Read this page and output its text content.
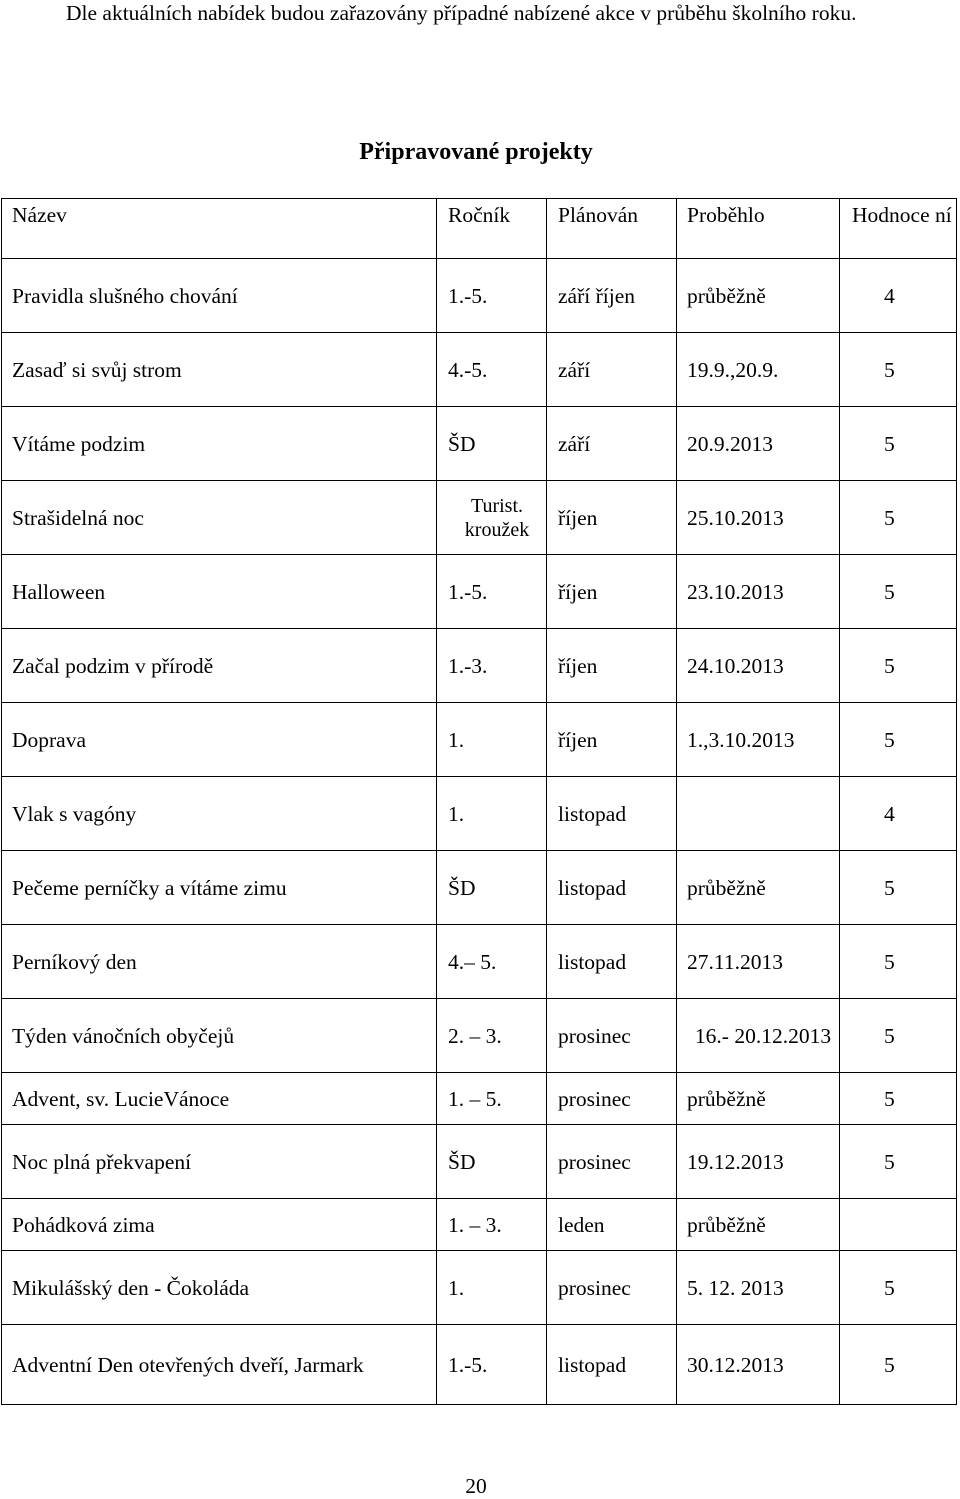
Dle aktuálních nabídek budou zařazovány případné nabízené akce v průběhu školního roku.

Připravované projekty
Název	Ročník	Plánován	Proběhlo	Hodnoce ní
Pravidla slušného chování	1.-5.	září říjen	průběžně	4
Zasaď si svůj strom	4.-5.	září	19.9.,20.9.	5
Vítáme podzim	ŠD	září	20.9.2013	5
Strašidelná noc	Turist. kroužek	říjen	25.10.2013	5
Halloween	1.-5.	říjen	23.10.2013	5
Začal podzim v přírodě	1.-3.	říjen	24.10.2013	5
Doprava	1.	říjen	1.,3.10.2013	5
Vlak s vagóny	1.	listopad		4
Pečeme perníčky a vítáme zimu	ŠD	listopad	průběžně	5
Perníkový den	4.– 5.	listopad	27.11.2013	5
Týden vánočních obyčejů	2. – 3.	prosinec	16.- 20.12.2013	5
Advent, sv. LucieVánoce	1. – 5.	prosinec	průběžně	5
Noc plná překvapení	ŠD	prosinec	19.12.2013	5
Pohádková zima	1. – 3.	leden	průběžně	
Mikulášský den - Čokoláda	1.	prosinec	5. 12. 2013	5
Adventní Den otevřených dveří, Jarmark	1.-5.	listopad	30.12.2013	5

20
